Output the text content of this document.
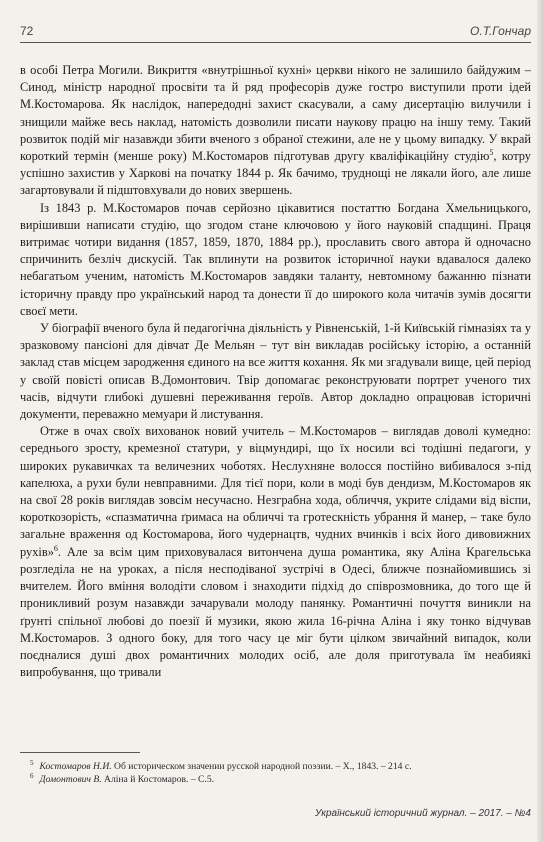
72	О.Т.Гончар

в особі Петра Могили. Викриття «внутрішньої кухні» церкви нікого не залишило байдужим – Синод, міністр народної просвіти та й ряд професорів дуже гостро виступили проти ідей М.Костомарова. Як наслідок, напередодні захист скасували, а саму дисертацію вилучили і знищили майже весь наклад, натомість дозволили писати наукову працю на іншу тему. Такий розвиток подій міг назавжди збити вченого з обраної стежини, але не у цьому випадку. У вкрай короткий термін (менше року) М.Костомаров підготував другу кваліфікаційну студію$^5$, котру успішно захистив у Харкові на початку 1844 р. Як бачимо, труднощі не лякали його, але лише загартовували й підштовхували до нових звершень.

Із 1843 р. М.Костомаров почав серйозно цікавитися постаттю Богдана Хмельницького, вирішивши написати студію, що згодом стане ключовою у його науковій спадщині. Праця витримає чотири видання (1857, 1859, 1870, 1884 рр.), прославить свого автора й одночасно спричинить безліч дискусій. Так вплинути на розвиток історичної науки вдавалося далеко небагатьом ученим, натомість М.Костомаров завдяки таланту, невтомному бажанню пізнати історичну правду про український народ та донести її до широкого кола читачів зумів досягти своєї мети.

У біографії вченого була й педагогічна діяльність у Рівненській, 1-й Київській гімназіях та у зразковому пансіоні для дівчат Де Мельян – тут він викладав російську історію, а останній заклад став місцем зародження єдиного на все життя кохання. Як ми згадували вище, цей період у своїй повісті описав В.Домонтович. Твір допомагає реконструювати портрет ученого тих часів, відчути глибокі душевні переживання героїв. Автор докладно опрацював історичні документи, переважно мемуари й листування.

Отже в очах своїх вихованок новий учитель – М.Костомаров – виглядав доволі кумедно: середнього зросту, кремезної статури, у віцмундирі, що їх носили всі тодішні педагоги, у широких рукавичках та величезних чоботях. Неслухняне волосся постійно вибивалося з-під капелюха, а рухи були невправними. Для тієї пори, коли в моді був дендизм, М.Костомаров як на свої 28 років виглядав зовсім несучасно. Незграбна хода, обличчя, укрите слідами від віспи, короткозорість, «спазматична ґримаса на обличчі та гротескність убрання й манер, – таке було загальне враження од Костомарова, його чудернацтв, чудних вчинків і всіх його дивовижних рухів»$^6$. Але за всім цим приховувалася витончена душа романтика, яку Аліна Крагельська розгледіла не на уроках, а після несподіваної зустрічі в Одесі, ближче познайомившись зі вчителем. Його вміння володіти словом і знаходити підхід до співрозмовника, до того ще й проникливий розум назавжди зачарували молоду панянку. Романтичні почуття виникли на ґрунті спільної любові до поезії й музики, якою жила 16-річна Аліна і яку тонко відчував М.Костомаров. З одного боку, для того часу це міг бути цілком звичайний випадок, коли поєдналися душі двох романтичних молодих осіб, але доля приготувала їм неабиякі випробування, що тривали

$^5$ Костомаров Н.И. Об историческом значении русской народной поэзии. – Х., 1843. – 214 с.

$^6$ Домонтович В. Аліна й Костомаров. – С.5.

Український історичний журнал. – 2017. – №4
